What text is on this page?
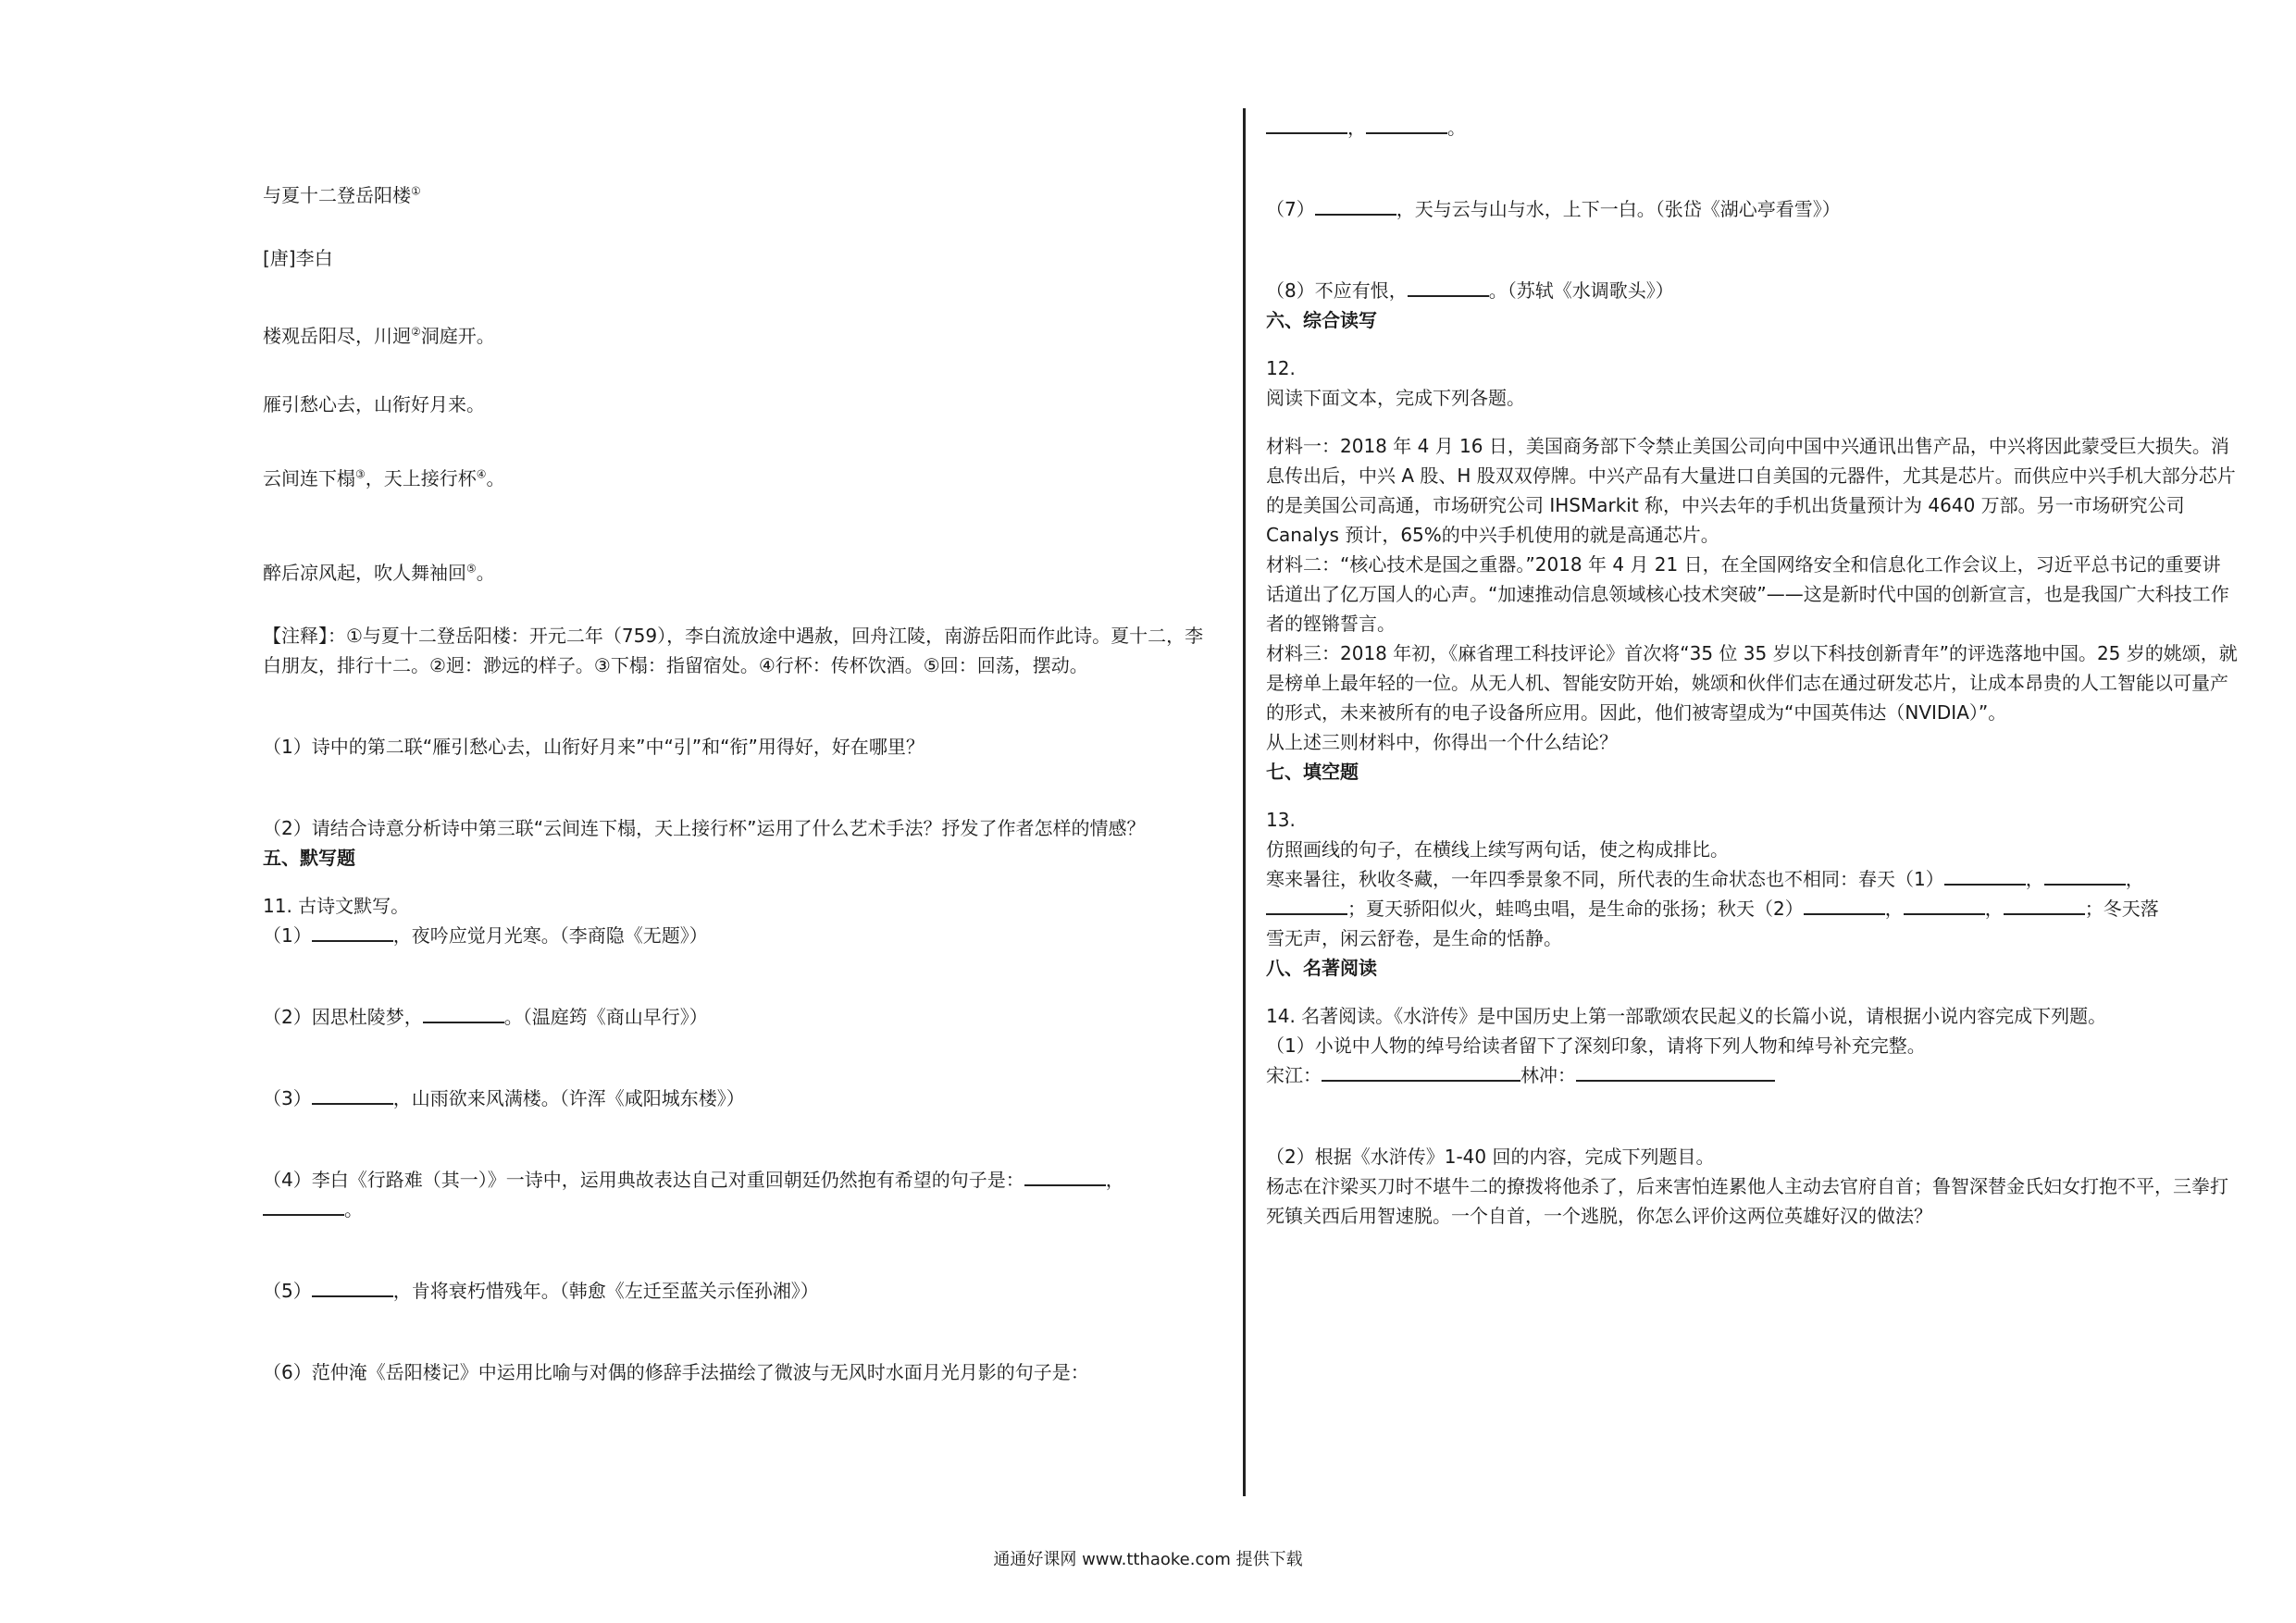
与夏十二登岳阳楼①

[唐]李白

楼观岳阳尽，川迥②洞庭开。

雁引愁心去，山衔好月来。

云间连下榻③，天上接行杯④。

醉后凉风起，吹人舞袖回⑤。

【注释】：①与夏十二登岳阳楼：开元二年（759），李白流放途中遇赦，回舟江陵，南游岳阳而作此诗。夏十二，李白朋友，排行十二。②迥：渺远的样子。③下榻：指留宿处。④行杯：传杯饮酒。⑤回：回荡，摆动。

（1）诗中的第二联“雁引愁心去，山衔好月来”中“引”和“衔”用得好，好在哪里？

（2）请结合诗意分析诗中第三联“云间连下榻，天上接行杯”运用了什么艺术手法？抒发了作者怎样的情感？

五、默写题

11. 古诗文默写。

（1）	，夜吟应觉月光寒。（李商隐《无题》）

（2）因思杜陵梦，	。（温庭筠《商山早行》）

（3）	，山雨欲来风满楼。（许浑《咸阳城东楼》）

（4）李白《行路难（其一）》一诗中，运用典故表达自己对重回朝廷仍然抱有希望的句子是：	，

。

（5）	，肯将衰朽惜残年。（韩愈《左迁至蓝关示侄孙湘》）

（6）范仲淹《岳阳楼记》中运用比喻与对偶的修辞手法描绘了微波与无风时水面月光月影的句子是：

，	。

（7）	，天与云与山与水，上下一白。（张岱《湖心亭看雪》）

（8）不应有恨，	。（苏轼《水调歌头》）

六、综合读写

12.

阅读下面文本，完成下列各题。

材料一：2018 年 4 月 16 日，美国商务部下令禁止美国公司向中国中兴通讯出售产品，中兴将因此蒙受巨大损失。消息传出后，中兴 A 股、H 股双双停牌。中兴产品有大量进口自美国的元器件，尤其是芯片。而供应中兴手机大部分芯片的是美国公司高通，市场研究公司 IHSMarkit 称，中兴去年的手机出货量预计为 4640 万部。另一市场研究公司 Canalys 预计，65%的中兴手机使用的就是高通芯片。

材料二：“核心技术是国之重器。”2018 年 4 月 21 日，在全国网络安全和信息化工作会议上，习近平总书记的重要讲话道出了亿万国人的心声。“加速推动信息领域核心技术突破”——这是新时代中国的创新宣言，也是我国广大科技工作者的铿锵誓言。

材料三：2018 年初，《麻省理工科技评论》首次将“35 位 35 岁以下科技创新青年”的评选落地中国。25 岁的姚颂，就是榜单上最年轻的一位。从无人机、智能安防开始，姚颂和伙伴们志在通过研发芯片，让成本昂贵的人工智能以可量产的形式，未来被所有的电子设备所应用。因此，他们被寄望成为“中国英伟达（NVIDIA）”。

从上述三则材料中，你得出一个什么结论？

七、填空题

13.

仿照画线的句子，在横线上续写两句话，使之构成排比。

寒来暑往，秋收冬藏，一年四季景象不同，所代表的生命状态也不相同：春天（1）	，	，

；夏天骄阳似火，蛙鸣虫唱，是生命的张扬；秋天（2）	，	，	；冬天落

雪无声，闲云舒卷，是生命的恬静。

八、名著阅读

14. 名著阅读。《水浒传》是中国历史上第一部歌颂农民起义的长篇小说，请根据小说内容完成下列题。

（1）小说中人物的绰号给读者留下了深刻印象，请将下列人物和绰号补充完整。

宋江：	林冲：

（2）根据《水浒传》1-40 回的内容，完成下列题目。

杨志在汴梁买刀时不堪牛二的撩拨将他杀了，后来害怕连累他人主动去官府自首；鲁智深替金氏妇女打抱不平，三拳打死镇关西后用智速脱。一个自首，一个逃脱，你怎么评价这两位英雄好汉的做法？

通通好课网 www.tthaoke.com 提供下载
